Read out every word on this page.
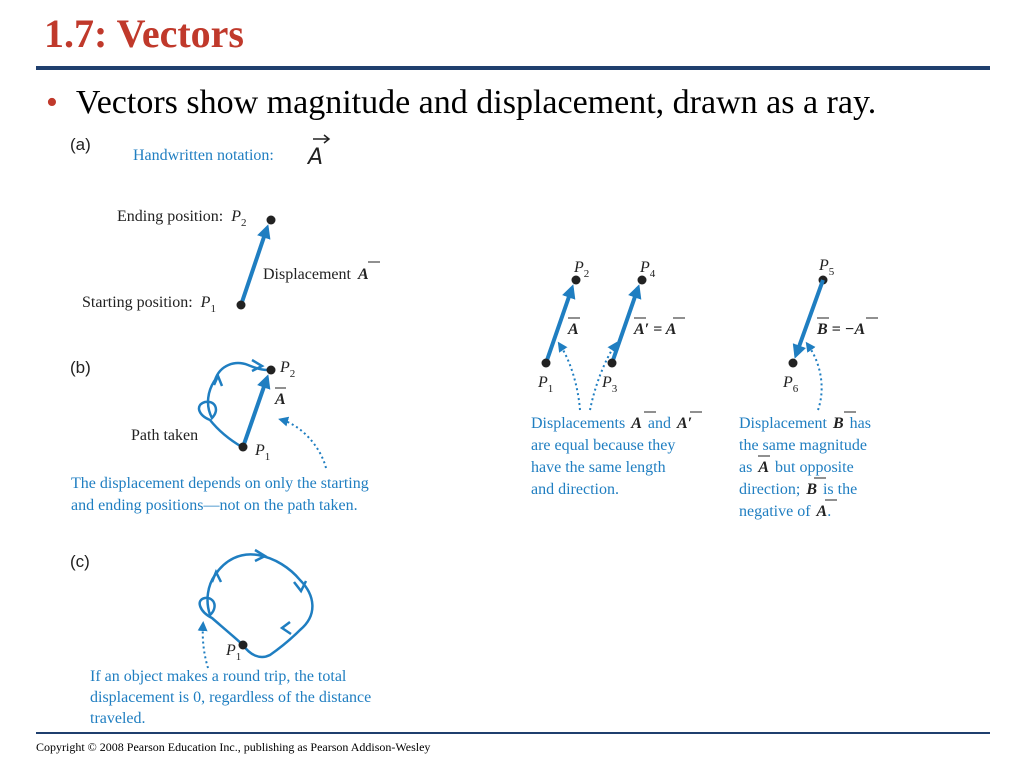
1.7: Vectors
• Vectors show magnitude and displacement, drawn as a ray.
(a)
Handwritten notation: A
Ending position: $P_2$
Displacement A
Starting position: $P_1$
(b)	$P_2$
A
$P_1$
Path taken
The displacement depends on only the starting
and ending positions—not on the path taken.
(c)
$P_1$
If an object makes a round trip, the total
displacement is 0, regardless of the distance
traveled.
$P_2$	$P_4$
A	A′ = A
$P_1$	$P_3$
Displacements A and A′
are equal because they
have the same length
and direction.
$P_5$
B = −A
$P_6$
Displacement B has
the same magnitude
as A but opposite
direction; B is the
negative of A.
Copyright © 2008 Pearson Education Inc., publishing as Pearson Addison-Wesley
